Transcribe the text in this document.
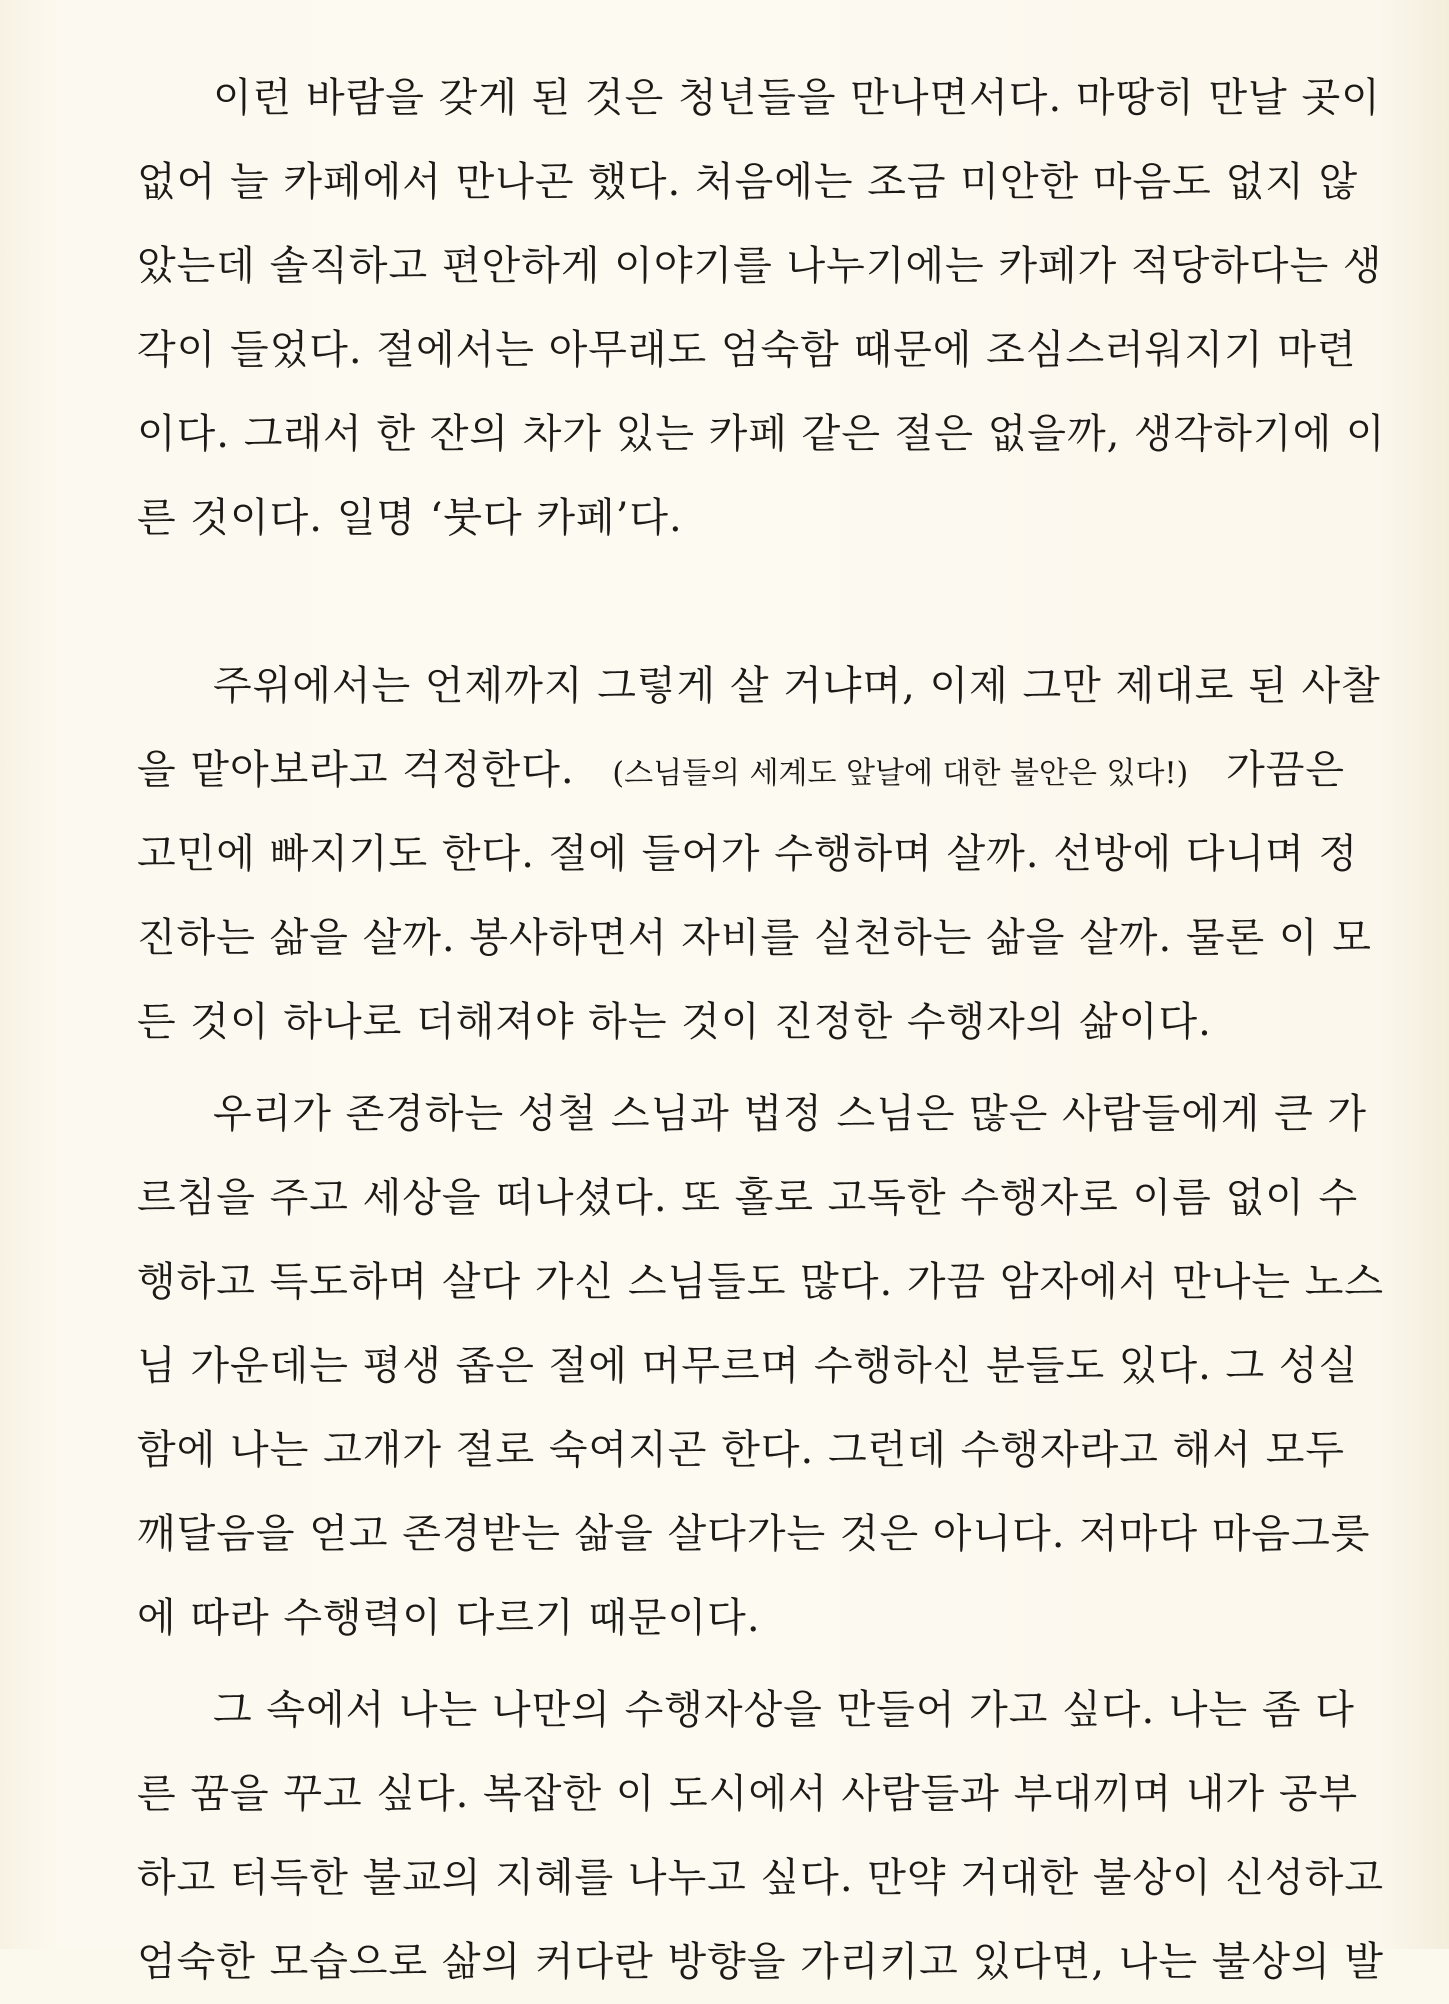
이런 바람을 갖게 된 것은 청년들을 만나면서다. 마땅히 만날 곳이
없어 늘 카페에서 만나곤 했다. 처음에는 조금 미안한 마음도 없지 않
았는데 솔직하고 편안하게 이야기를 나누기에는 카페가 적당하다는 생
각이 들었다. 절에서는 아무래도 엄숙함 때문에 조심스러워지기 마련
이다. 그래서 한 잔의 차가 있는 카페 같은 절은 없을까, 생각하기에 이
른 것이다. 일명 ‘붓다 카페’다.
주위에서는 언제까지 그렇게 살 거냐며, 이제 그만 제대로 된 사찰
을 맡아보라고 걱정한다. (스님들의 세계도 앞날에 대한 불안은 있다!) 가끔은
고민에 빠지기도 한다. 절에 들어가 수행하며 살까. 선방에 다니며 정
진하는 삶을 살까. 봉사하면서 자비를 실천하는 삶을 살까. 물론 이 모
든 것이 하나로 더해져야 하는 것이 진정한 수행자의 삶이다.
우리가 존경하는 성철 스님과 법정 스님은 많은 사람들에게 큰 가
르침을 주고 세상을 떠나셨다. 또 홀로 고독한 수행자로 이름 없이 수
행하고 득도하며 살다 가신 스님들도 많다. 가끔 암자에서 만나는 노스
님 가운데는 평생 좁은 절에 머무르며 수행하신 분들도 있다. 그 성실
함에 나는 고개가 절로 숙여지곤 한다. 그런데 수행자라고 해서 모두
깨달음을 얻고 존경받는 삶을 살다가는 것은 아니다. 저마다 마음그릇
에 따라 수행력이 다르기 때문이다.
그 속에서 나는 나만의 수행자상을 만들어 가고 싶다. 나는 좀 다
른 꿈을 꾸고 싶다. 복잡한 이 도시에서 사람들과 부대끼며 내가 공부
하고 터득한 불교의 지혜를 나누고 싶다. 만약 거대한 불상이 신성하고
엄숙한 모습으로 삶의 커다란 방향을 가리키고 있다면, 나는 불상의 발
